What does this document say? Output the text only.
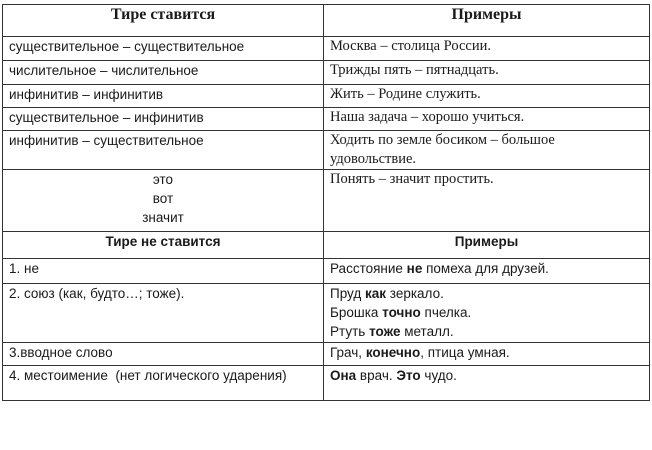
Тире ставится	Примеры
существительное – существительное	Москва – столица России.
числительное – числительное	Трижды пять – пятнадцать.
инфинитив – инфинитив	Жить – Родине служить.
существительное – инфинитив	Наша задача – хорошо учиться.
инфинитив – существительное	Ходить по земле босиком – большое
удовольствие.

это
вот
значит	Понять – значит простить.
Тире не ставится	Примеры
1. не	Расстояние не помеха для друзей.
2. союз (как, будто…; тоже).	Пруд как зеркало.
Брошка точно пчелка.
Ртуть тоже металл.

3.вводное слово	Грач, конечно, птица умная.
4. местоимение  (нет логического ударения)	Она врач. Это чудо.
